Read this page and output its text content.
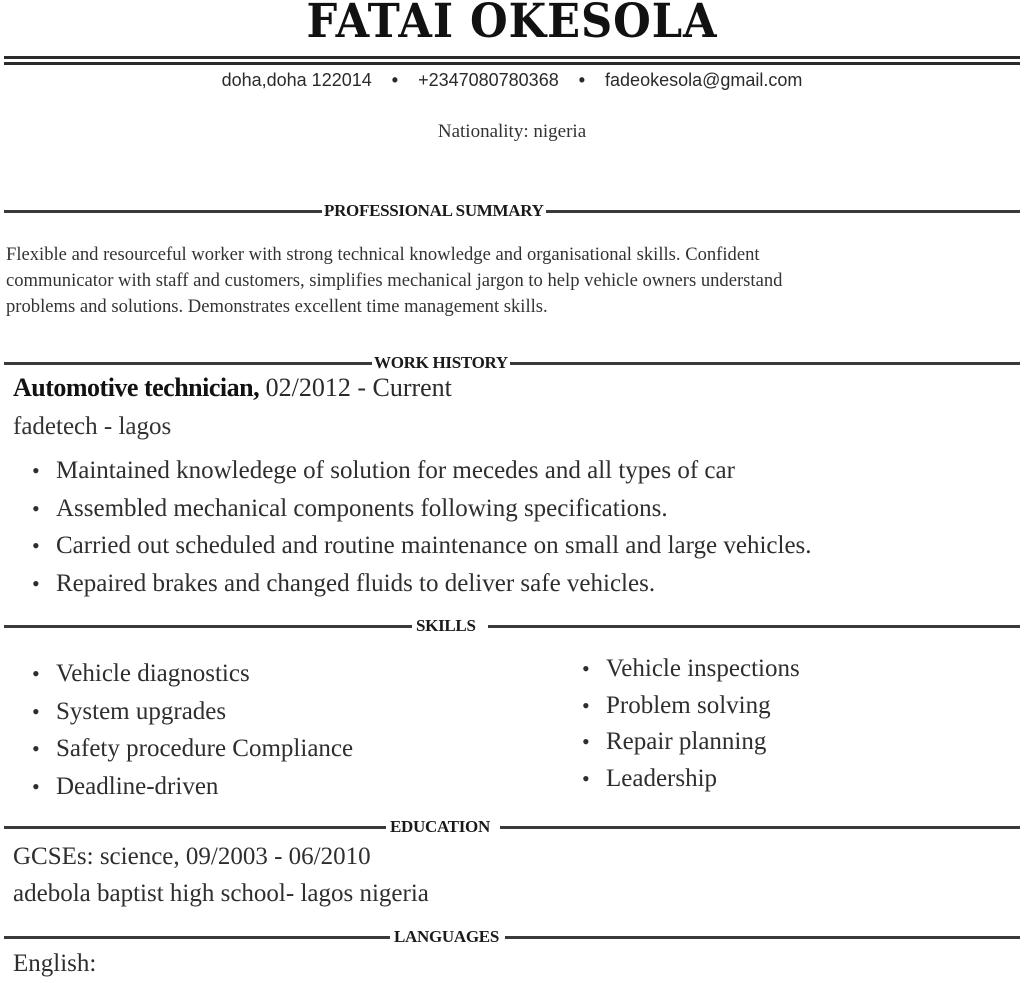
FATAI OKESOLA
doha,doha 122014 • +2347080780368 • fadeokesola@gmail.com
Nationality: nigeria
PROFESSIONAL SUMMARY
Flexible and resourceful worker with strong technical knowledge and organisational skills. Confident
communicator with staff and customers, simplifies mechanical jargon to help vehicle owners understand
problems and solutions. Demonstrates excellent time management skills.
WORK HISTORY
Automotive technician, 02/2012 - Current
fadetech - lagos
• Maintained knowledege of solution for mecedes and all types of car
• Assembled mechanical components following specifications.
• Carried out scheduled and routine maintenance on small and large vehicles.
• Repaired brakes and changed fluids to deliver safe vehicles.
SKILLS
• Vehicle diagnostics
• System upgrades
• Safety procedure Compliance
• Deadline-driven
• Vehicle inspections
• Problem solving
• Repair planning
• Leadership
EDUCATION
GCSEs: science, 09/2003 - 06/2010
adebola baptist high school- lagos nigeria
LANGUAGES
English:
